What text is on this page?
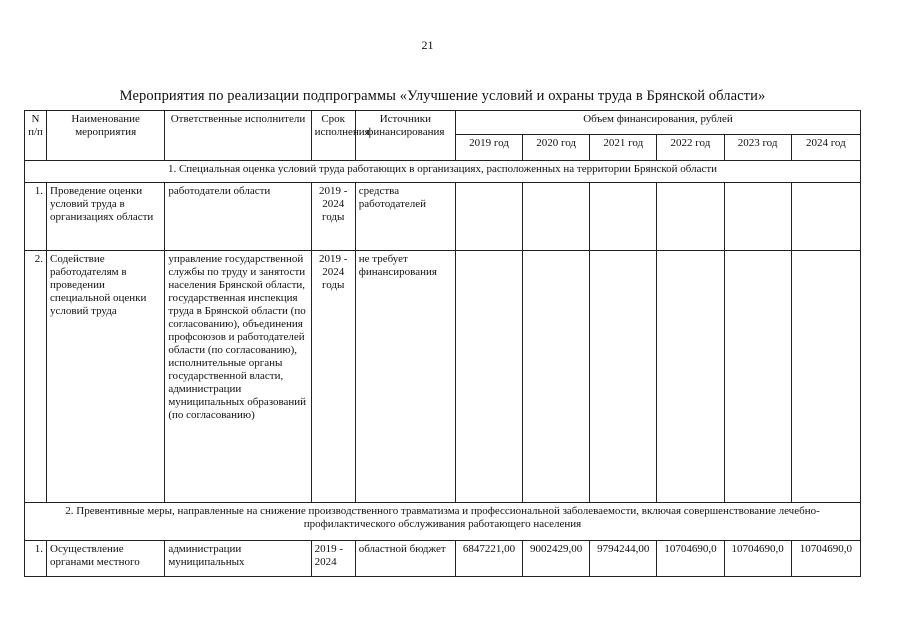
21
Мероприятия по реализации подпрограммы «Улучшение условий и охраны труда в Брянской области»
N п/п	Наименование мероприятия	Ответственные исполнители	Срок исполнения	Источники финансирования	Объем финансирования, рублей					
					2019 год	2020 год	2021 год	2022 год	2023 год	2024 год
1. Специальная оценка условий труда работающих в организациях, расположенных на территории Брянской области										
1.	Проведение оценки условий труда в организациях области	работодатели области	2019 - 2024 годы	средства работодателей						
2.	Содействие работодателям в проведении специальной оценки условий труда	управление государственной службы по труду и занятости населения Брянской области, государственная инспекция труда в Брянской области (по согласованию), объединения профсоюзов и работодателей области (по согласованию), исполнительные органы государственной власти, администрации муниципальных образований (по согласованию)	2019 - 2024 годы	не требует финансирования						
2. Превентивные меры, направленные на снижение производственного травматизма и профессиональной заболеваемости, включая совершенствование лечебно-профилактического обслуживания работающего населения										
1.	Осуществление органами местного	администрации муниципальных	2019 - 2024	областной бюджет	6847221,00	9002429,00	9794244,00	10704690,0	10704690,0	10704690,0
